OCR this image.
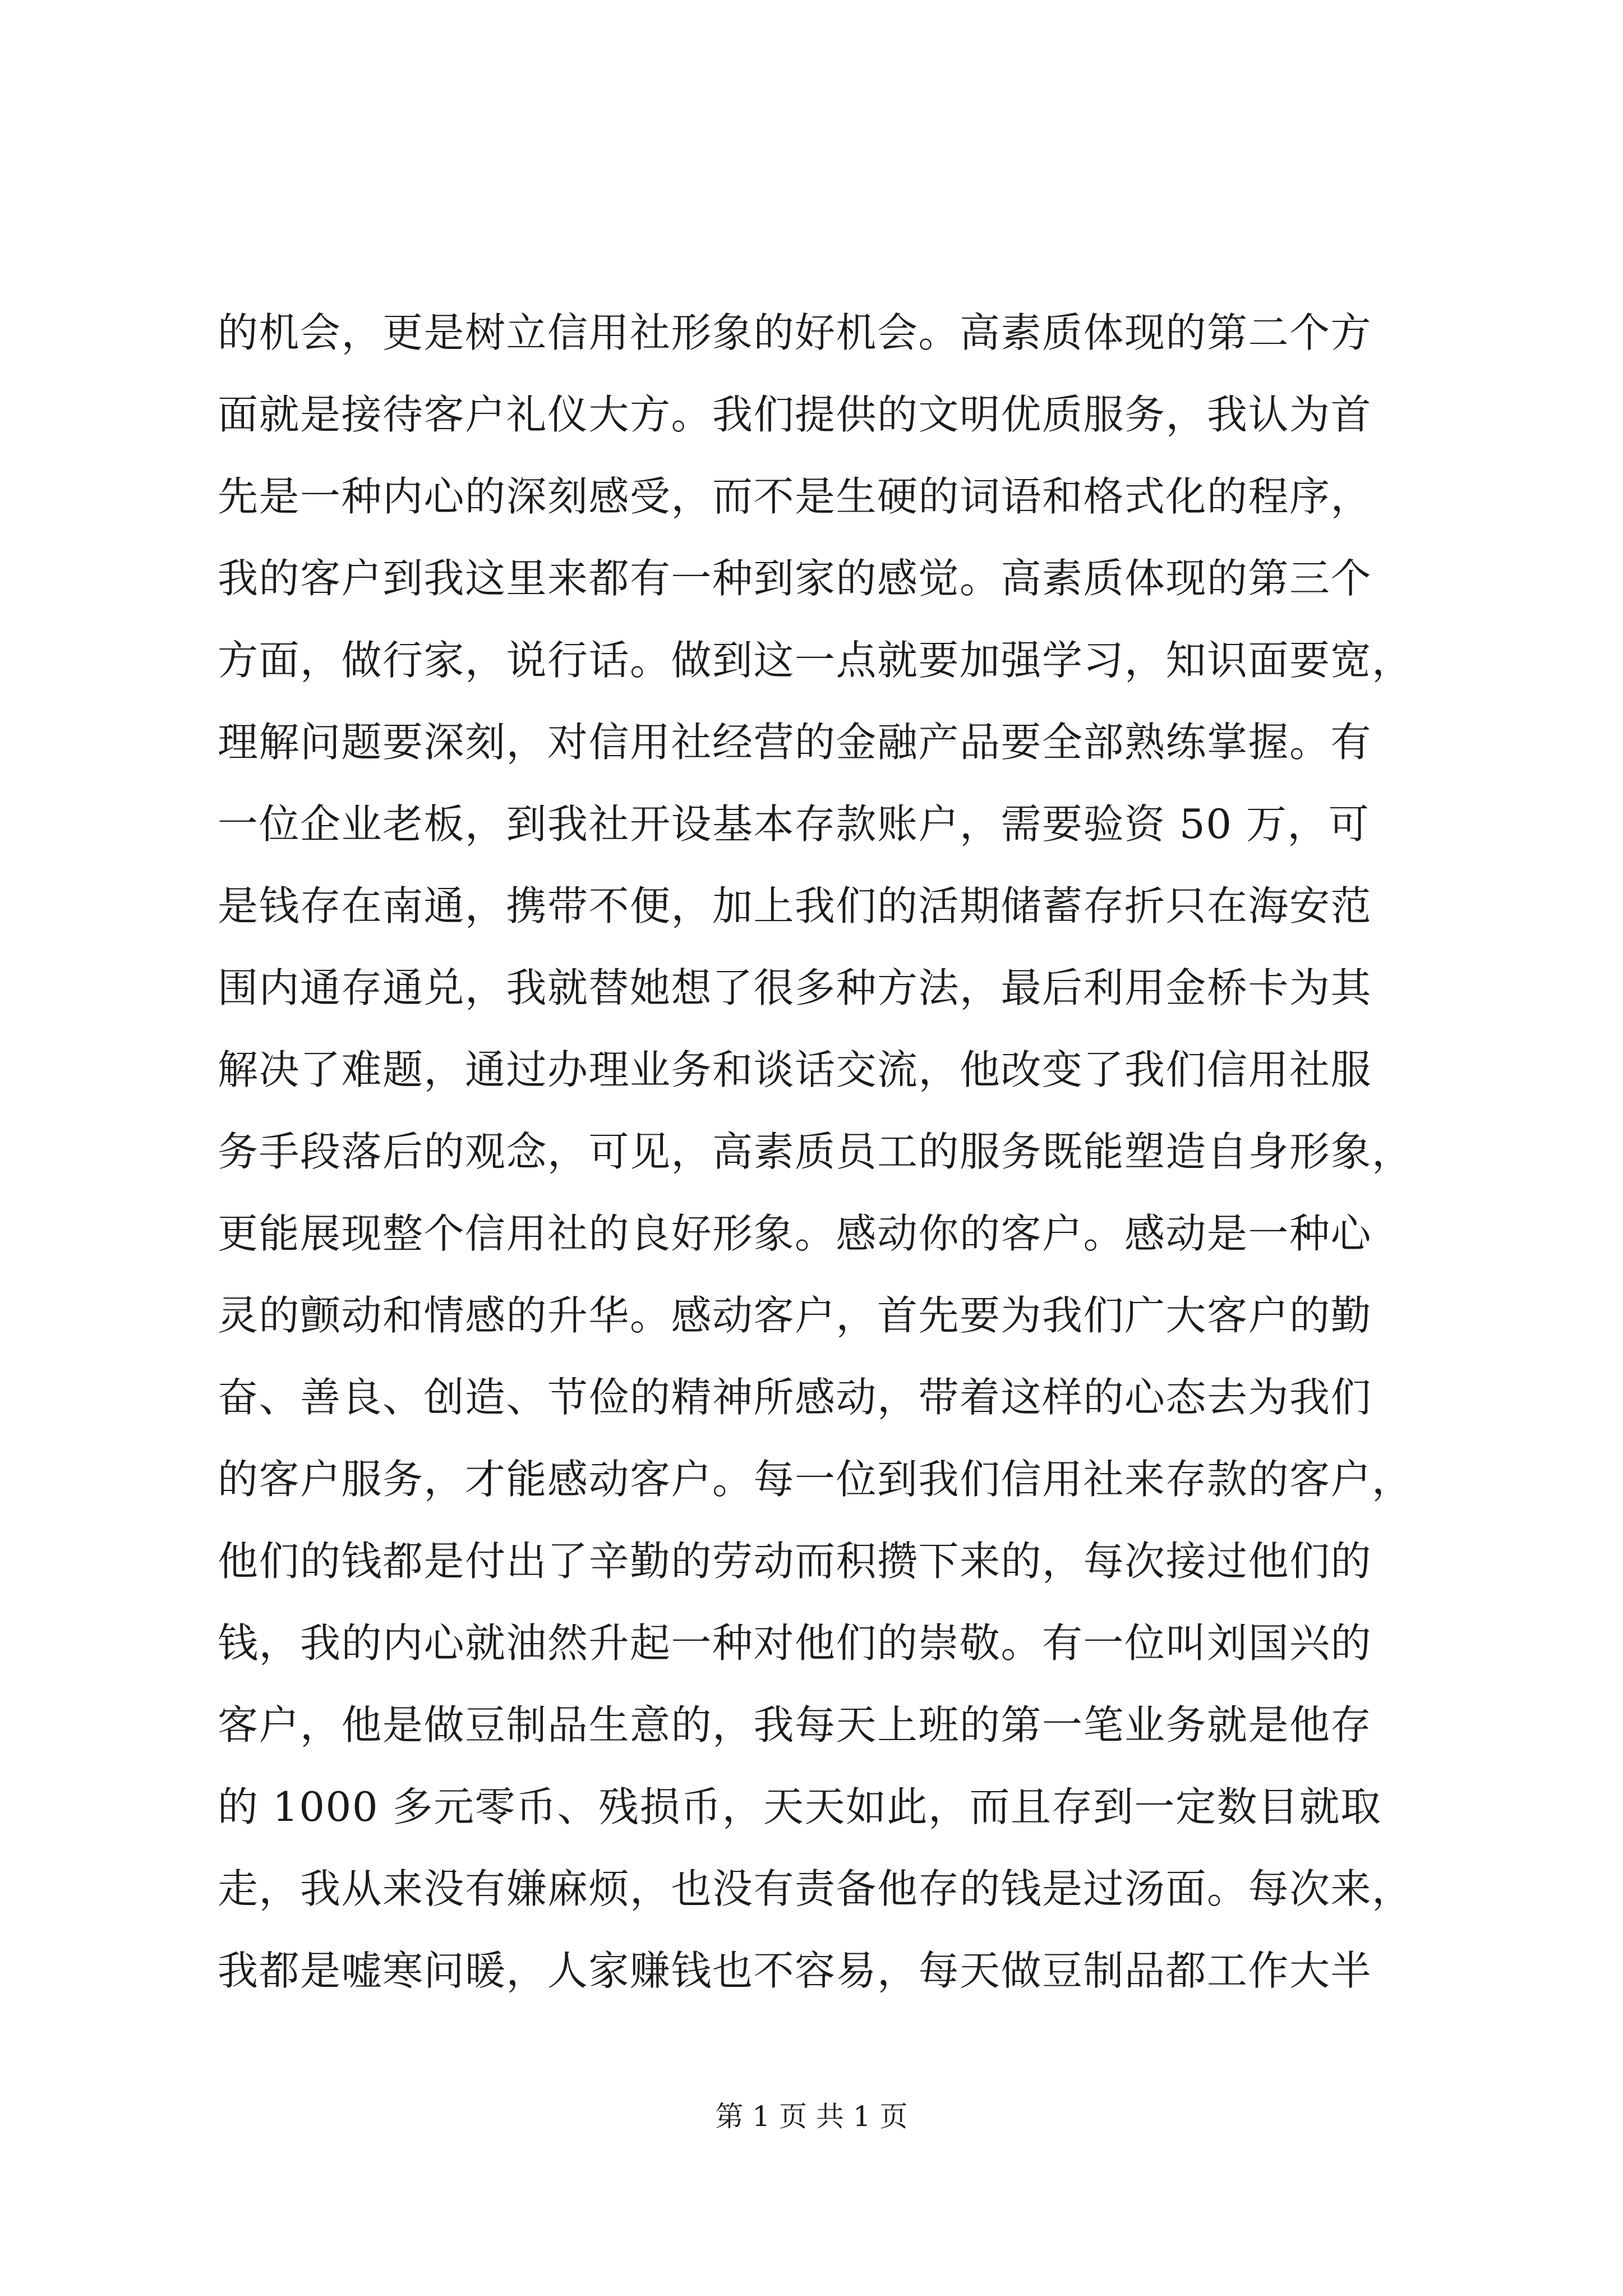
的机会，更是树立信用社形象的好机会。高素质体现的第二个方
面就是接待客户礼仪大方。我们提供的文明优质服务，我认为首
先是一种内心的深刻感受，而不是生硬的词语和格式化的程序，
我的客户到我这里来都有一种到家的感觉。高素质体现的第三个
方面，做行家，说行话。做到这一点就要加强学习，知识面要宽，
理解问题要深刻，对信用社经营的金融产品要全部熟练掌握。有
一位企业老板，到我社开设基本存款账户，需要验资 50 万，可
是钱存在南通，携带不便，加上我们的活期储蓄存折只在海安范
围内通存通兑，我就替她想了很多种方法，最后利用金桥卡为其
解决了难题，通过办理业务和谈话交流，他改变了我们信用社服
务手段落后的观念，可见，高素质员工的服务既能塑造自身形象，
更能展现整个信用社的良好形象。感动你的客户。感动是一种心
灵的颤动和情感的升华。感动客户，首先要为我们广大客户的勤
奋、善良、创造、节俭的精神所感动，带着这样的心态去为我们
的客户服务，才能感动客户。每一位到我们信用社来存款的客户，
他们的钱都是付出了辛勤的劳动而积攒下来的，每次接过他们的
钱，我的内心就油然升起一种对他们的崇敬。有一位叫刘国兴的
客户，他是做豆制品生意的，我每天上班的第一笔业务就是他存
的 1000 多元零币、残损币，天天如此，而且存到一定数目就取
走，我从来没有嫌麻烦，也没有责备他存的钱是过汤面。每次来，
我都是嘘寒问暖，人家赚钱也不容易，每天做豆制品都工作大半
第 1 页 共 1 页
